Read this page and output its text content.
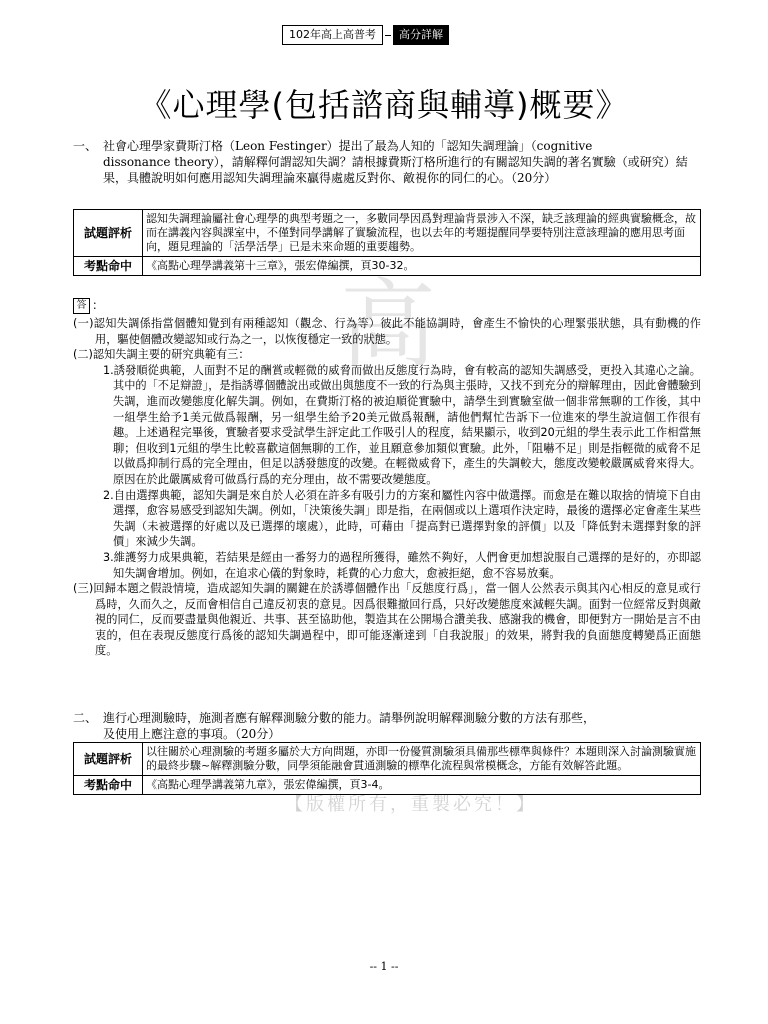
102年高上高普考	高分詳解
《心理學(包括諮商與輔導)概要》
高
【版權所有，重製必究！】
一、 社會心理學家費斯汀格（Leon Festinger）提出了最為人知的「認知失調理論」（cognitive
dissonance theory），請解釋何謂認知失調？請根據費斯汀格所進行的有關認知失調的著名實驗（或研究）結果，具體說明如何應用認知失調理論來贏得處處反對你、敵視你的同仁的心。（20分）
試題評析	認知失調理論屬社會心理學的典型考題之一，多數同學因爲對理論背景涉入不深，缺乏該理論的經典實驗概念，故而在講義內容與課室中，不僅對同學講解了實驗流程，也以去年的考題提醒同學要特別注意該理論的應用思考面向，題見理論的「活學活學」已是未來命題的重要趨勢。
考點命中	《高點心理學講義第十三章》，張宏偉編撰，頁30-32。
答 ：

(一)認知失調係指當個體知覺到有兩種認知（觀念、行為等）彼此不能協調時，會產生不愉快的心理緊張狀態，具有動機的作用，驅使個體改變認知或行為之一，以恢復穩定一致的狀態。

(二)認知失調主要的研究典範有三：

1.誘發順從典範，人面對不足的酬賞或輕微的威脅而做出反態度行為時，會有較高的認知失調感受，更投入其違心之論。其中的「不足辯證」，是指誘導個體說出或做出與態度不一致的行為與主張時，又找不到充分的辯解理由，因此會體驗到失調，進而改變態度化解失調。例如，在費斯汀格的被迫順從實驗中，請學生到實驗室做一個非常無聊的工作後，其中一組學生給予1美元做爲報酬，另一組學生給予20美元做爲報酬，請他們幫忙告訴下一位進來的學生說這個工作很有趣。上述過程完畢後，實驗者要求受試學生評定此工作吸引人的程度，結果顯示，收到20元組的學生表示此工作相當無聊；但收到1元組的學生比較喜歡這個無聊的工作，並且願意參加類似實驗。此外，「阻嚇不足」則是指輕微的威脅不足以做爲抑制行爲的完全理由，但足以誘發態度的改變。在輕微威脅下，產生的失調較大，態度改變較嚴厲威脅來得大。原因在於此嚴厲威脅可做爲行爲的充分理由，故不需要改變態度。

2.自由選擇典範，認知失調是來自於人必須在許多有吸引力的方案和屬性內容中做選擇。而愈是在難以取捨的情境下自由選擇，愈容易感受到認知失調。例如，「決策後失調」即是指，在兩個或以上選項作決定時，最後的選擇必定會產生某些失調（未被選擇的好處以及已選擇的壞處），此時，可藉由「提高對已選擇對象的評價」以及「降低對未選擇對象的評價」來減少失調。

3.維護努力成果典範，若結果是經由一番努力的過程所獲得，雖然不夠好，人們會更加想說服自己選擇的是好的，亦即認知失調會增加。例如，在追求心儀的對象時，耗費的心力愈大，愈被拒絕，愈不容易放棄。

(三)回歸本題之假設情境，造成認知失調的關鍵在於誘導個體作出「反態度行爲」，當一個人公然表示與其內心相反的意見或行爲時，久而久之，反而會相信自己違反初衷的意見。因爲很難撤回行爲，只好改變態度來減輕失調。面對一位經常反對與敵視的同仁，反而要盡量與他親近、共事、甚至協助他，製造其在公開場合讚美我、感謝我的機會，即便對方一開始是言不由衷的，但在表現反態度行爲後的認知失調過程中，即可能逐漸達到「自我說服」的效果，將對我的負面態度轉變爲正面態度。

二、 進行心理測驗時，施測者應有解釋測驗分數的能力。請舉例說明解釋測驗分數的方法有那些，
及使用上應注意的事項。（20分）
試題評析	以往關於心理測驗的考題多屬於大方向問題，亦即一份優質測驗須具備那些標準與條件？本題則深入討論測驗實施的最終步驟~解釋測驗分數，同學須能融會貫通測驗的標準化流程與常模概念，方能有效解答此題。
考點命中	《高點心理學講義第九章》，張宏偉編撰，頁3-4。
-- 1 --
